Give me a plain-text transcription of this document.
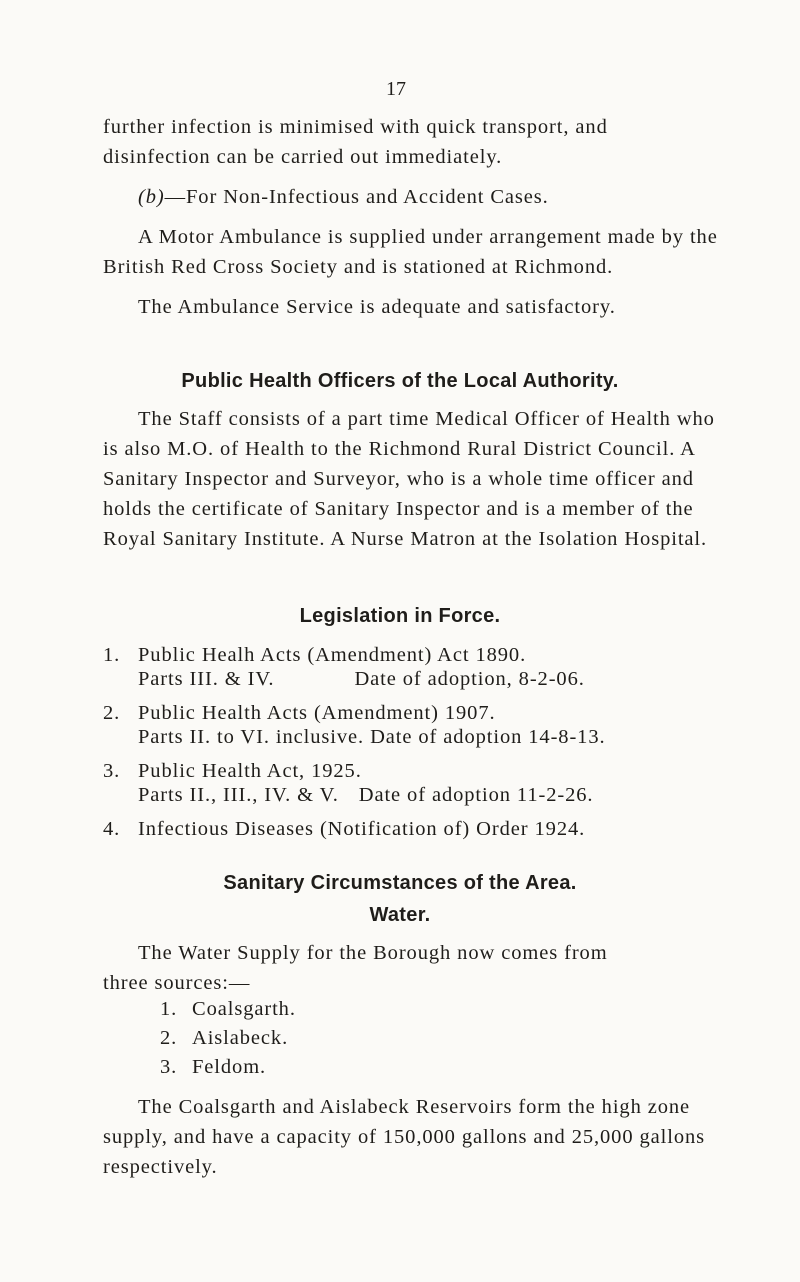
17

further infection is minimised with quick transport, and

disinfection can be carried out immediately.

(b)—For Non-Infectious and Accident Cases.

A Motor Ambulance is supplied under arrangement made by the British Red Cross Society and is stationed at Richmond.

The Ambulance Service is adequate and satisfactory.

Public Health Officers of the Local Authority.

The Staff consists of a part time Medical Officer of Health who is also M.O. of Health to the Richmond Rural District Council. A Sanitary Inspector and Surveyor, who is a whole time officer and holds the certificate of Sanitary Inspector and is a member of the Royal Sanitary Institute. A Nurse Matron at the Isolation Hospital.

Legislation in Force.
1. Public Healh Acts (Amendment) Act 1890.
Parts III. & IV.	Date of adoption, 8-2-06.
2. Public Health Acts (Amendment) 1907.
Parts II. to VI. inclusive. Date of adoption 14-8-13.
3. Public Health Act, 1925.
Parts II., III., IV. & V. Date of adoption 11-2-26.
4. Infectious Diseases (Notification of) Order 1924.
Sanitary Circumstances of the Area.
Water.

The Water Supply for the Borough now comes from

three sources:—

1. Coalsgarth.
2. Aislabeck.
3. Feldom.

The Coalsgarth and Aislabeck Reservoirs form the high zone supply, and have a capacity of 150,000 gallons and 25,000 gallons respectively.
